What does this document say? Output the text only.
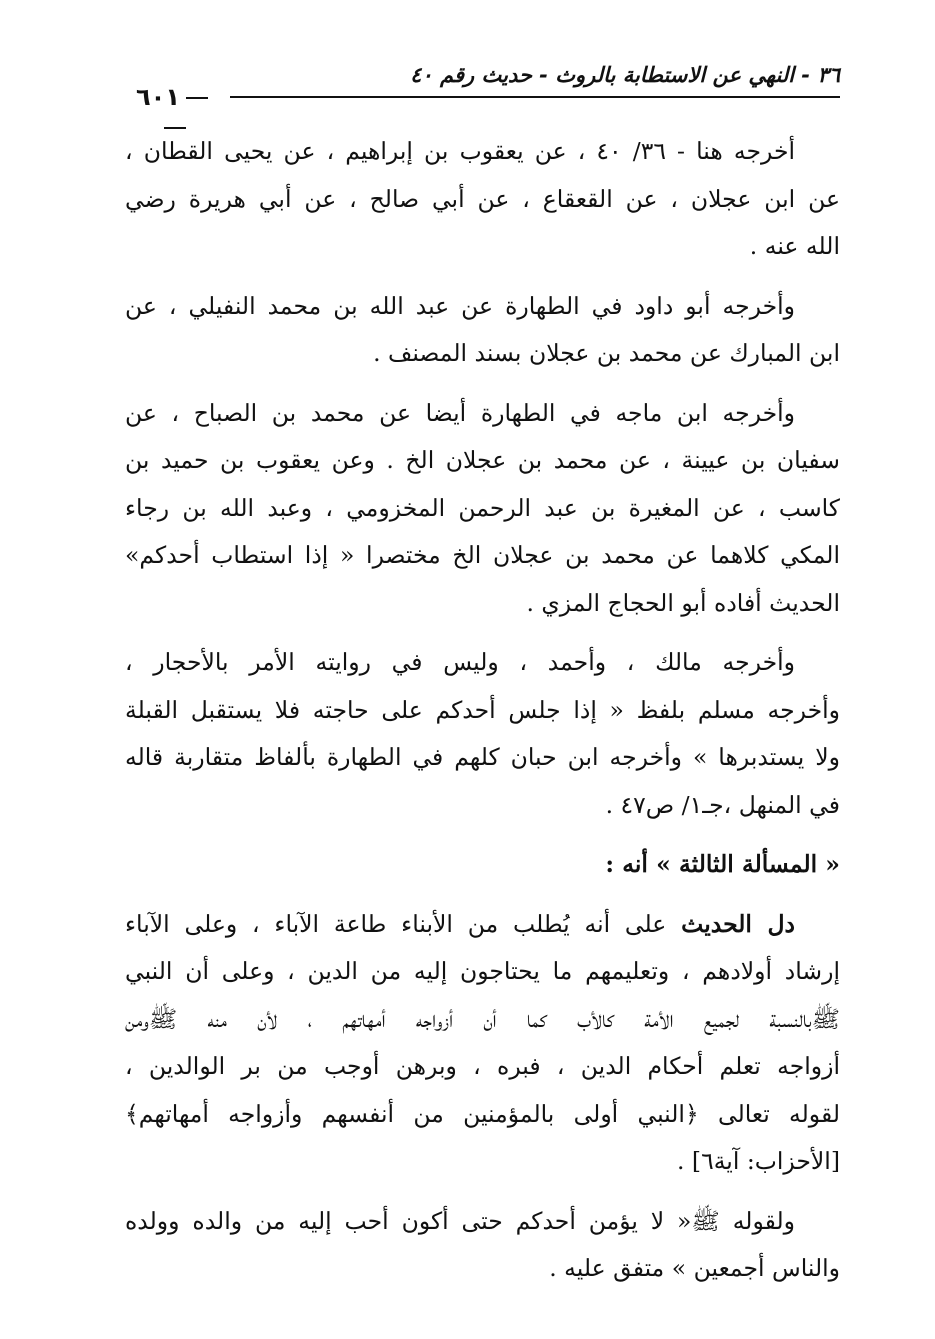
٣٦ - النهي عن الاستطابة بالروث - حديث رقم ٤٠
٦٠١
أخرجه هنا - ٣٦/ ٤٠ ، عن يعقوب بن إبراهيم ، عن يحيى القطان ،
عن ابن عجلان ، عن القعقاع ، عن أبي صالح ، عن أبي هريرة رضي
الله عنه .
وأخرجه أبو داود في الطهارة عن عبد الله بن محمد النفيلي ، عن
ابن المبارك عن محمد بن عجلان بسند المصنف .
وأخرجه ابن ماجه في الطهارة أيضا عن محمد بن الصباح ، عن
سفيان بن عيينة ، عن محمد بن عجلان الخ . وعن يعقوب بن حميد بن
كاسب ، عن المغيرة بن عبد الرحمن المخزومي ، وعبد الله بن رجاء
المكي كلاهما عن محمد بن عجلان الخ مختصرا « إذا استطاب أحدكم»
الحديث أفاده أبو الحجاج المزي .
وأخرجه مالك ، وأحمد ، وليس في روايته الأمر بالأحجار ،
وأخرجه مسلم بلفظ « إذا جلس أحدكم على حاجته فلا يستقبل القبلة
ولا يستدبرها » وأخرجه ابن حبان كلهم في الطهارة بألفاظ متقاربة قاله
في المنهل ،جـ١/ ص٤٧ .
« المسألة الثالثة » أنه :
دل الحديث على أنه يُطلب من الأبناء طاعة الآباء ، وعلى الآباء
إرشاد أولادهم ، وتعليمهم ما يحتاجون إليه من الدين ، وعلى أن النبي
ﷺبالنسبة لجميع الأمة كالأب كما أن أزواجه أمهاتهم ، لأن منه ﷺومن
أزواجه تعلم أحكام الدين ، فبره ، وبرهن أوجب من بر الوالدين ،
لقوله تعالى ﴿النبي أولى بالمؤمنين من أنفسهم وأزواجه أمهاتهم﴾
[الأحزاب: آية٦] .
ولقوله ﷺ« لا يؤمن أحدكم حتى أكون أحب إليه من والده وولده
والناس أجمعين » متفق عليه .
